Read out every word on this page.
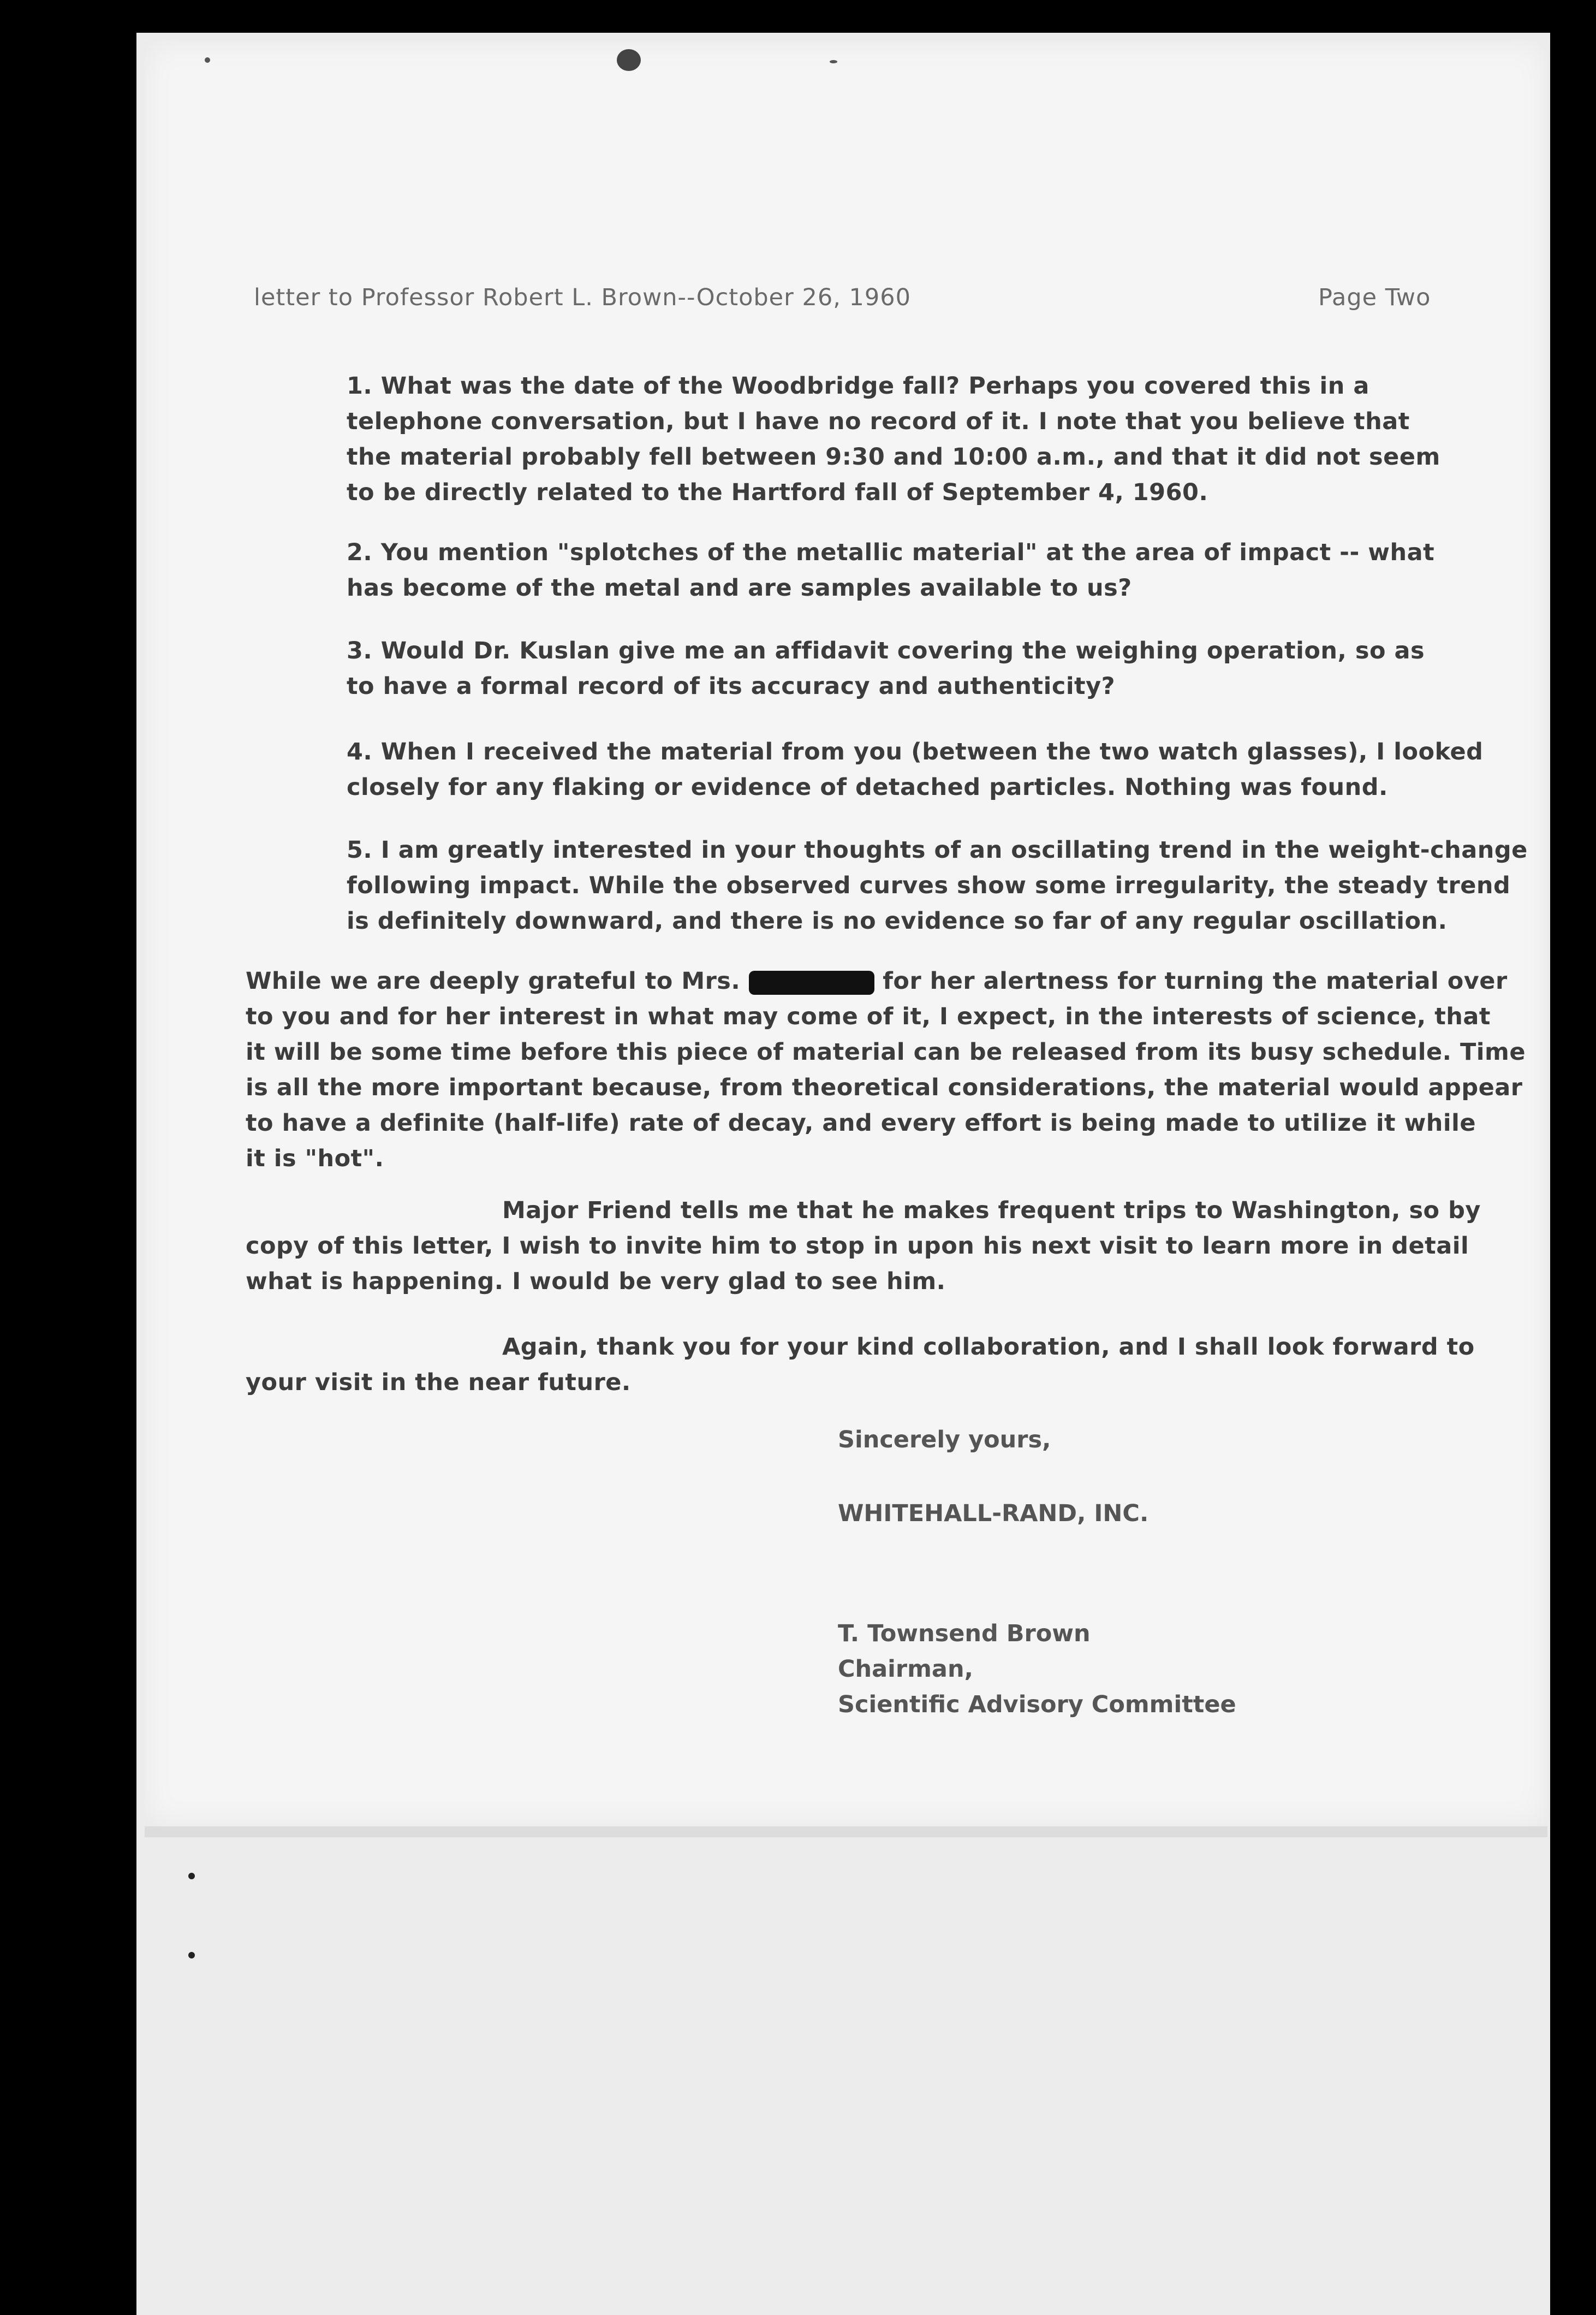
letter to Professor Robert L. Brown--October 26, 1960	Page Two
1. What was the date of the Woodbridge fall? Perhaps you covered this in a
telephone conversation, but I have no record of it. I note that you believe that
the material probably fell between 9:30 and 10:00 a.m., and that it did not seem
to be directly related to the Hartford fall of September 4, 1960.
2. You mention "splotches of the metallic material" at the area of impact -- what
has become of the metal and are samples available to us?
3. Would Dr. Kuslan give me an affidavit covering the weighing operation, so as
to have a formal record of its accuracy and authenticity?
4. When I received the material from you (between the two watch glasses), I looked
closely for any flaking or evidence of detached particles. Nothing was found.
5. I am greatly interested in your thoughts of an oscillating trend in the weight-change
following impact. While the observed curves show some irregularity, the steady trend
is definitely downward, and there is no evidence so far of any regular oscillation.
While we are deeply grateful to Mrs.	for her alertness for turning the material over
to you and for her interest in what may come of it, I expect, in the interests of science, that
it will be some time before this piece of material can be released from its busy schedule. Time
is all the more important because, from theoretical considerations, the material would appear
to have a definite (half-life) rate of decay, and every effort is being made to utilize it while
it is "hot".
Major Friend tells me that he makes frequent trips to Washington, so by
copy of this letter, I wish to invite him to stop in upon his next visit to learn more in detail
what is happening. I would be very glad to see him.
Again, thank you for your kind collaboration, and I shall look forward to
your visit in the near future.
Sincerely yours,
WHITEHALL-RAND, INC.
T. Townsend Brown
Chairman,
Scientific Advisory Committee
